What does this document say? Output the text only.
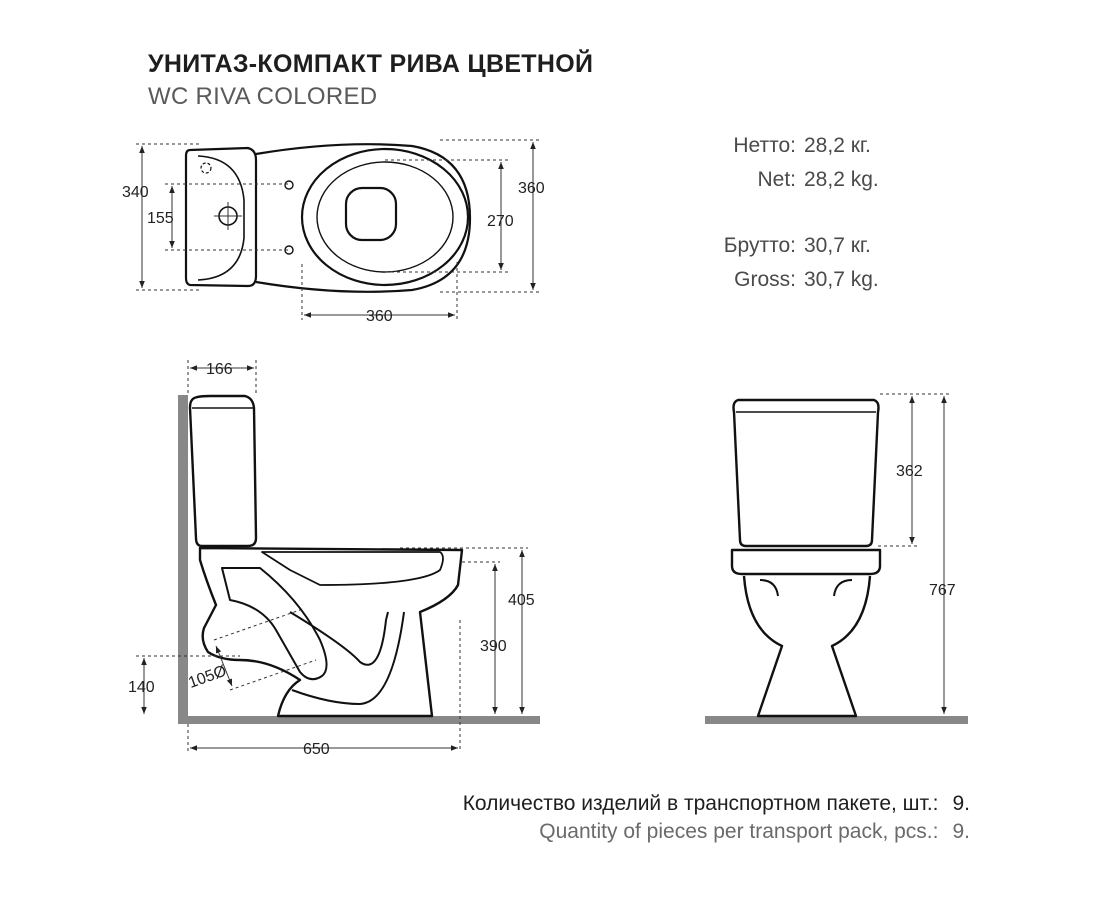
УНИТАЗ-КОМПАКТ РИВА ЦВЕТНОЙ
WC RIVA COLORED
Нетто: 28,2 кг.
Net: 28,2 kg.
Брутто: 30,7 кг.
Gross: 30,7 kg.
340
155
360
270
360
166
405
390
140 105Ø
650
362
767
Количество изделий в транспортном пакете, шт.: 9.
Quantity of pieces per transport pack, pcs.: 9.
